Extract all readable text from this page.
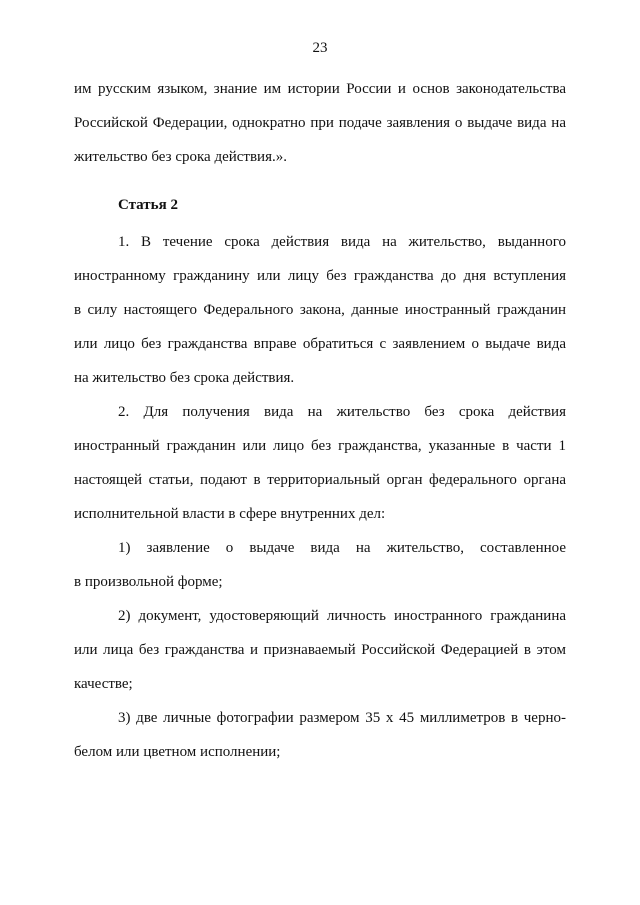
23
им русским языком, знание им истории России и основ законодательства
Российской Федерации, однократно при подаче заявления о выдаче вида на
жительство без срока действия.».
Статья 2
1. В течение срока действия вида на жительство, выданного
иностранному гражданину или лицу без гражданства до дня вступления
в силу настоящего Федерального закона, данные иностранный гражданин
или лицо без гражданства вправе обратиться с заявлением о выдаче вида
на жительство без срока действия.
2. Для получения вида на жительство без срока действия
иностранный гражданин или лицо без гражданства, указанные в части 1
настоящей статьи, подают в территориальный орган федерального органа
исполнительной власти в сфере внутренних дел:
1) заявление о выдаче вида на жительство, составленное
в произвольной форме;
2) документ, удостоверяющий личность иностранного гражданина
или лица без гражданства и признаваемый Российской Федерацией в этом
качестве;
3) две личные фотографии размером 35 х 45 миллиметров в черно-
белом или цветном исполнении;
